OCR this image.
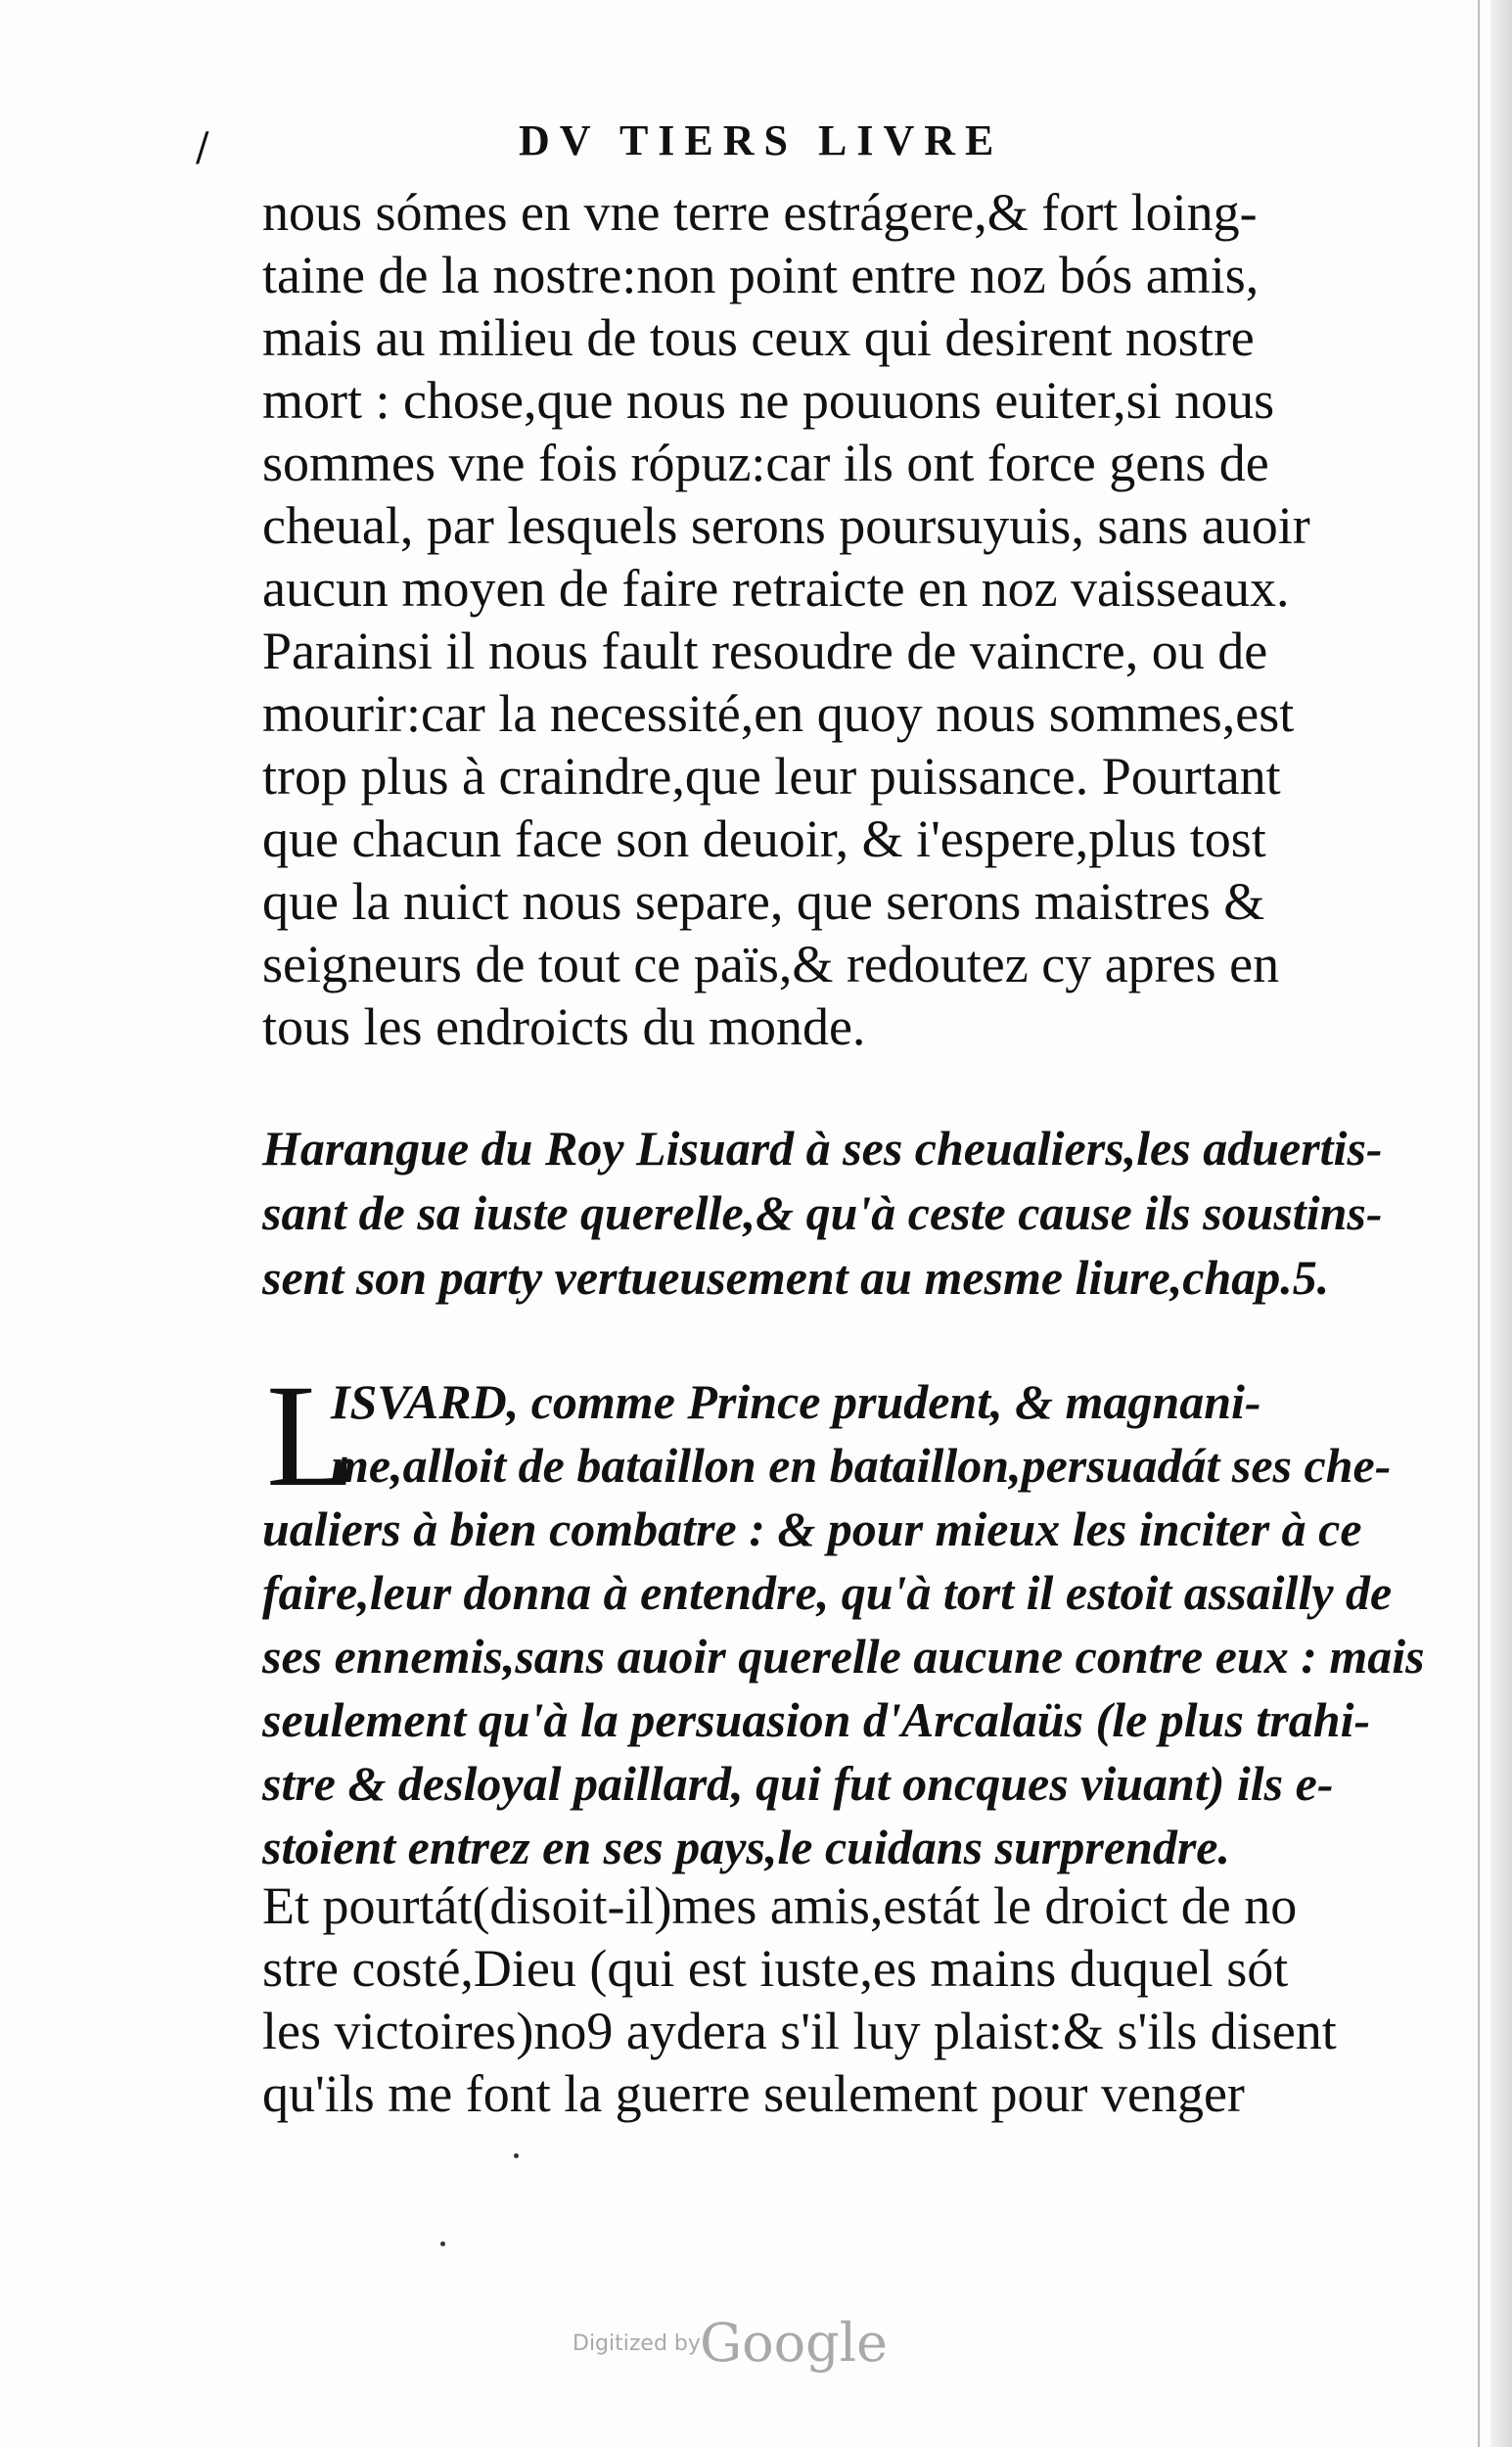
/	DV TIERS LIVRE
nous sómes en vne terre estrágere,& fort loing-
taine de la nostre:non point entre noz bós amis,
mais au milieu de tous ceux qui desirent nostre
mort : chose,que nous ne pouuons euiter,si nous
sommes vne fois rópuz:car ils ont force gens de
cheual, par lesquels serons poursuyuis, sans auoir
aucun moyen de faire retraicte en noz vaisseaux.
Parainsi il nous fault resoudre de vaincre, ou de
mourir:car la necessité,en quoy nous sommes,est
trop plus à craindre,que leur puissance. Pourtant
que chacun face son deuoir, & i'espere,plus tost
que la nuict nous separe, que serons maistres &
seigneurs de tout ce païs,& redoutez cy apres en
tous les endroicts du monde.
Harangue du Roy Lisuard à ses cheualiers,les aduertis-
sant de sa iuste querelle,& qu'à ceste cause ils soustins-
sent son party vertueusement au mesme liure,chap.5.
L
ISVARD, comme Prince prudent, & magnani-
me,alloit de bataillon en bataillon,persuadát ses che-
ualiers à bien combatre : & pour mieux les inciter à ce
faire,leur donna à entendre, qu'à tort il estoit assailly de
ses ennemis,sans auoir querelle aucune contre eux : mais
seulement qu'à la persuasion d'Arcalaüs (le plus trahi-
stre & desloyal paillard, qui fut oncques viuant) ils e-
stoient entrez en ses pays,le cuidans surprendre.
Et pourtát(disoit-il)mes amis,estát le droict de no
stre costé,Dieu (qui est iuste,es mains duquel sót
les victoires)no9 aydera s'il luy plaist:& s'ils disent
qu'ils me font la guerre seulement pour venger
Digitized by Google
